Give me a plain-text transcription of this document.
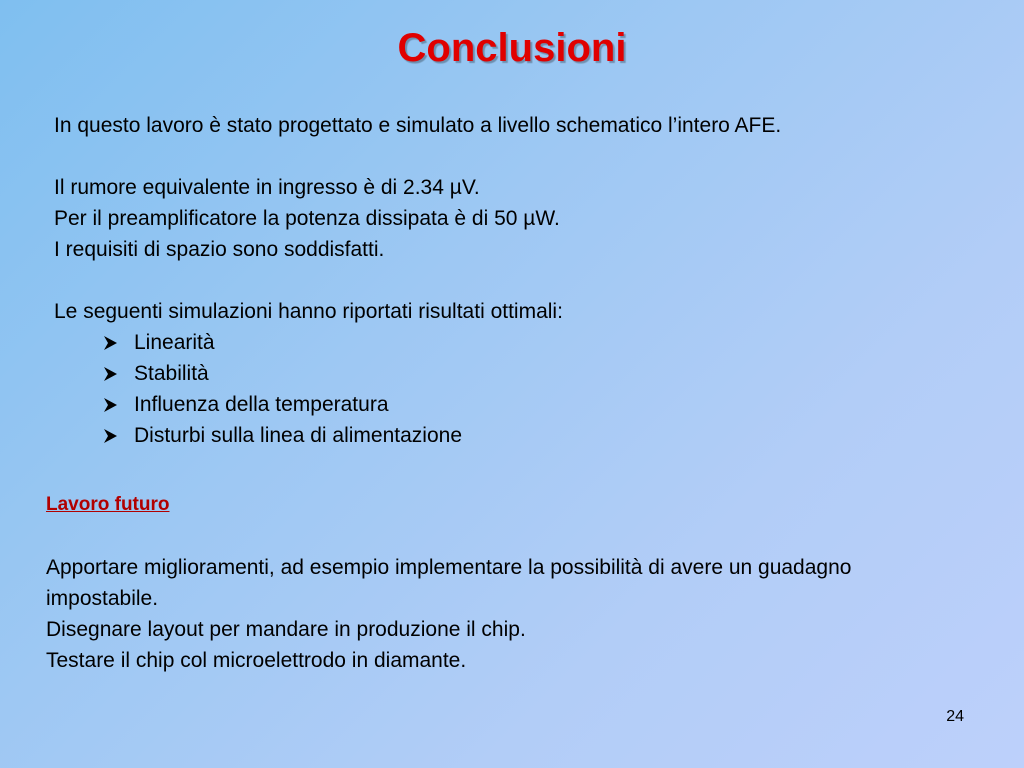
Conclusioni
In questo lavoro è stato progettato e simulato a livello schematico l’intero AFE.
Il rumore equivalente in ingresso è di 2.34 µV.
Per il preamplificatore la potenza dissipata è di 50 µW.
I requisiti di spazio sono soddisfatti.
Le seguenti simulazioni hanno riportati risultati ottimali:
Linearità
Stabilità
Influenza della temperatura
Disturbi sulla linea di alimentazione
Lavoro futuro
Apportare miglioramenti, ad esempio implementare la possibilità di avere un guadagno impostabile.
Disegnare layout per mandare in produzione il chip.
Testare il chip col microelettrodo in diamante.
24
